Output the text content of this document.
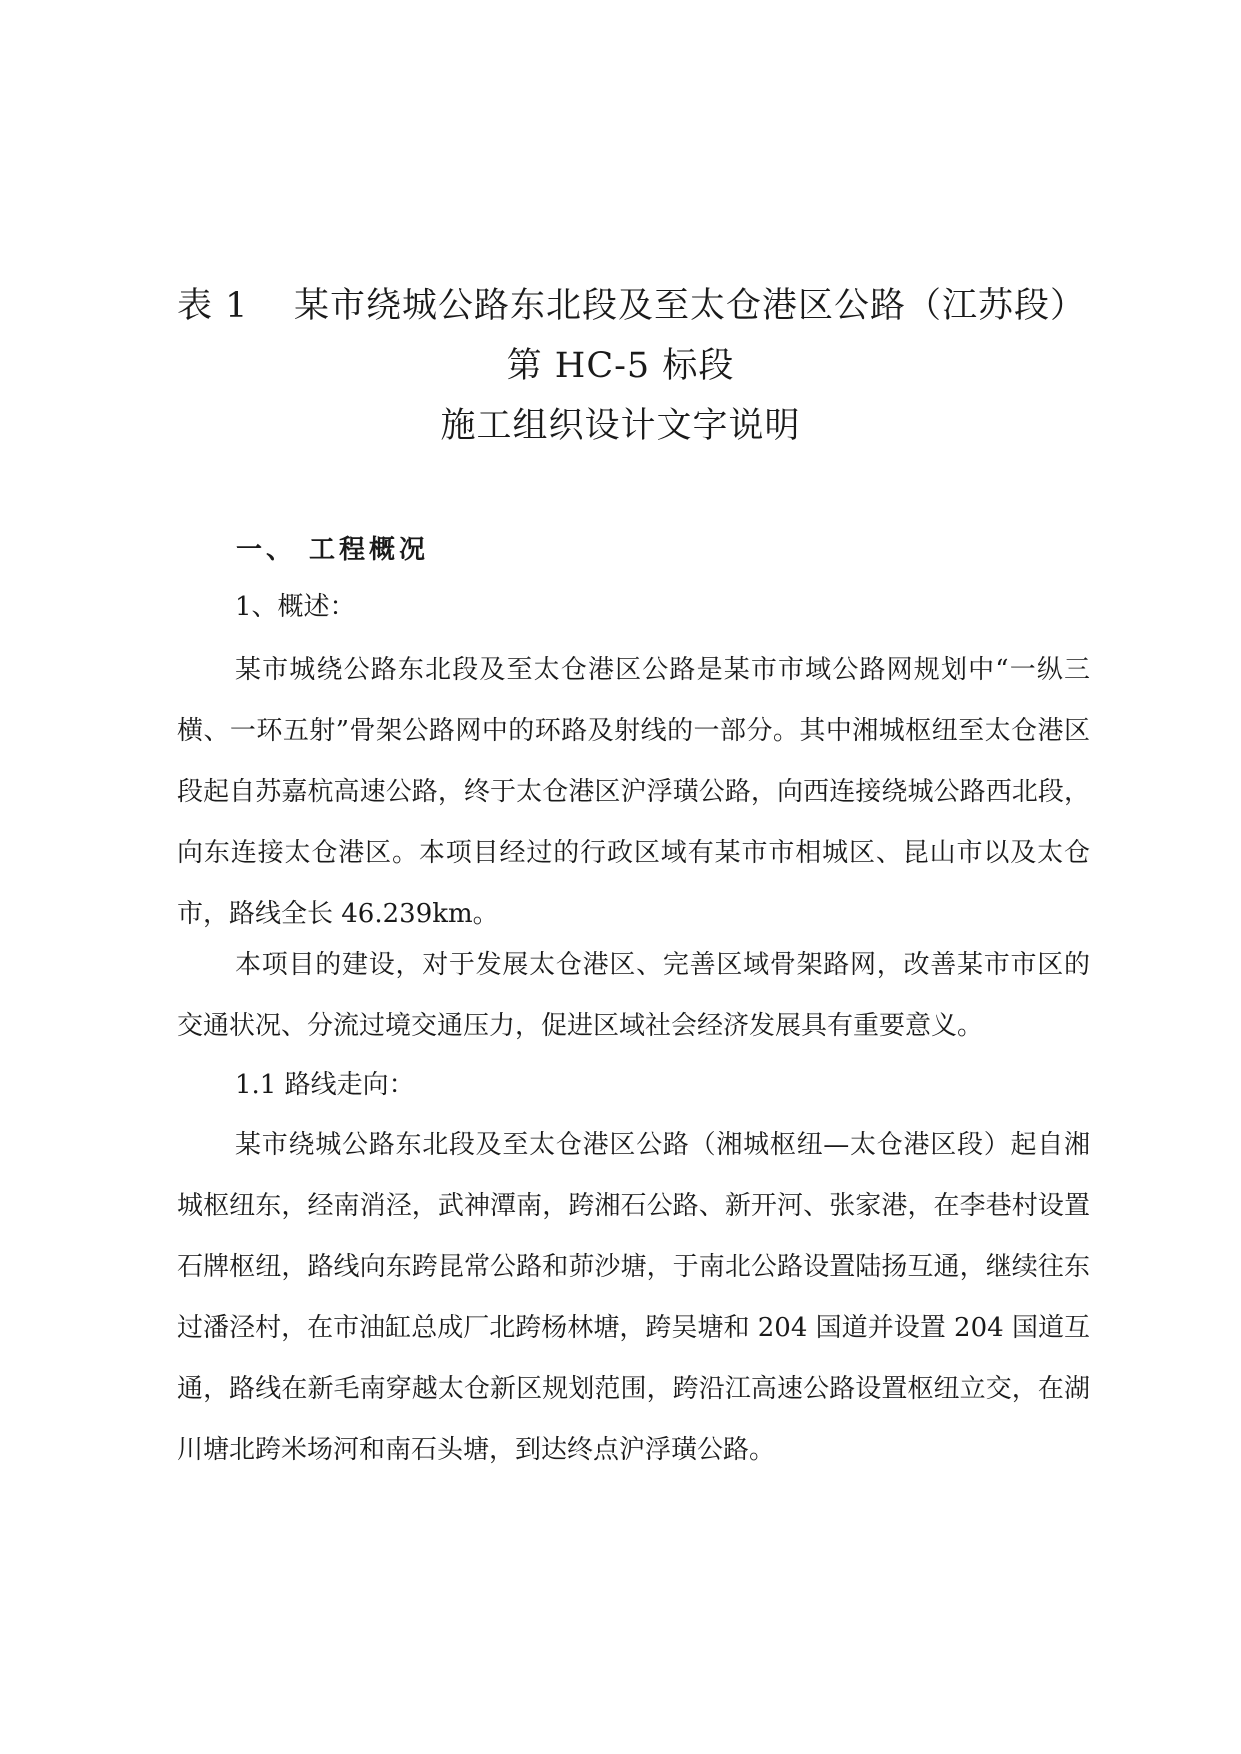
表 1 某市绕城公路东北段及至太仓港区公路（江苏段）
第 HC-5 标段
施工组织设计文字说明
一、 工程概况
1、概述：

某市城绕公路东北段及至太仓港区公路是某市市域公路网规划中“一纵三横、一环五射”骨架公路网中的环路及射线的一部分。其中湘城枢纽至太仓港区段起自苏嘉杭高速公路，终于太仓港区沪浮璜公路，向西连接绕城公路西北段，向东连接太仓港区。本项目经过的行政区域有某市市相城区、昆山市以及太仓市，路线全长 46.239km。

本项目的建设，对于发展太仓港区、完善区域骨架路网，改善某市市区的交通状况、分流过境交通压力，促进区域社会经济发展具有重要意义。

1.1 路线走向：

某市绕城公路东北段及至太仓港区公路（湘城枢纽—太仓港区段）起自湘城枢纽东，经南消泾，武神潭南，跨湘石公路、新开河、张家港，在李巷村设置石牌枢纽，路线向东跨昆常公路和茆沙塘，于南北公路设置陆扬互通，继续往东过潘泾村，在市油缸总成厂北跨杨林塘，跨吴塘和 204 国道并设置 204 国道互通，路线在新毛南穿越太仓新区规划范围，跨沿江高速公路设置枢纽立交，在湖川塘北跨米场河和南石头塘，到达终点沪浮璜公路。
